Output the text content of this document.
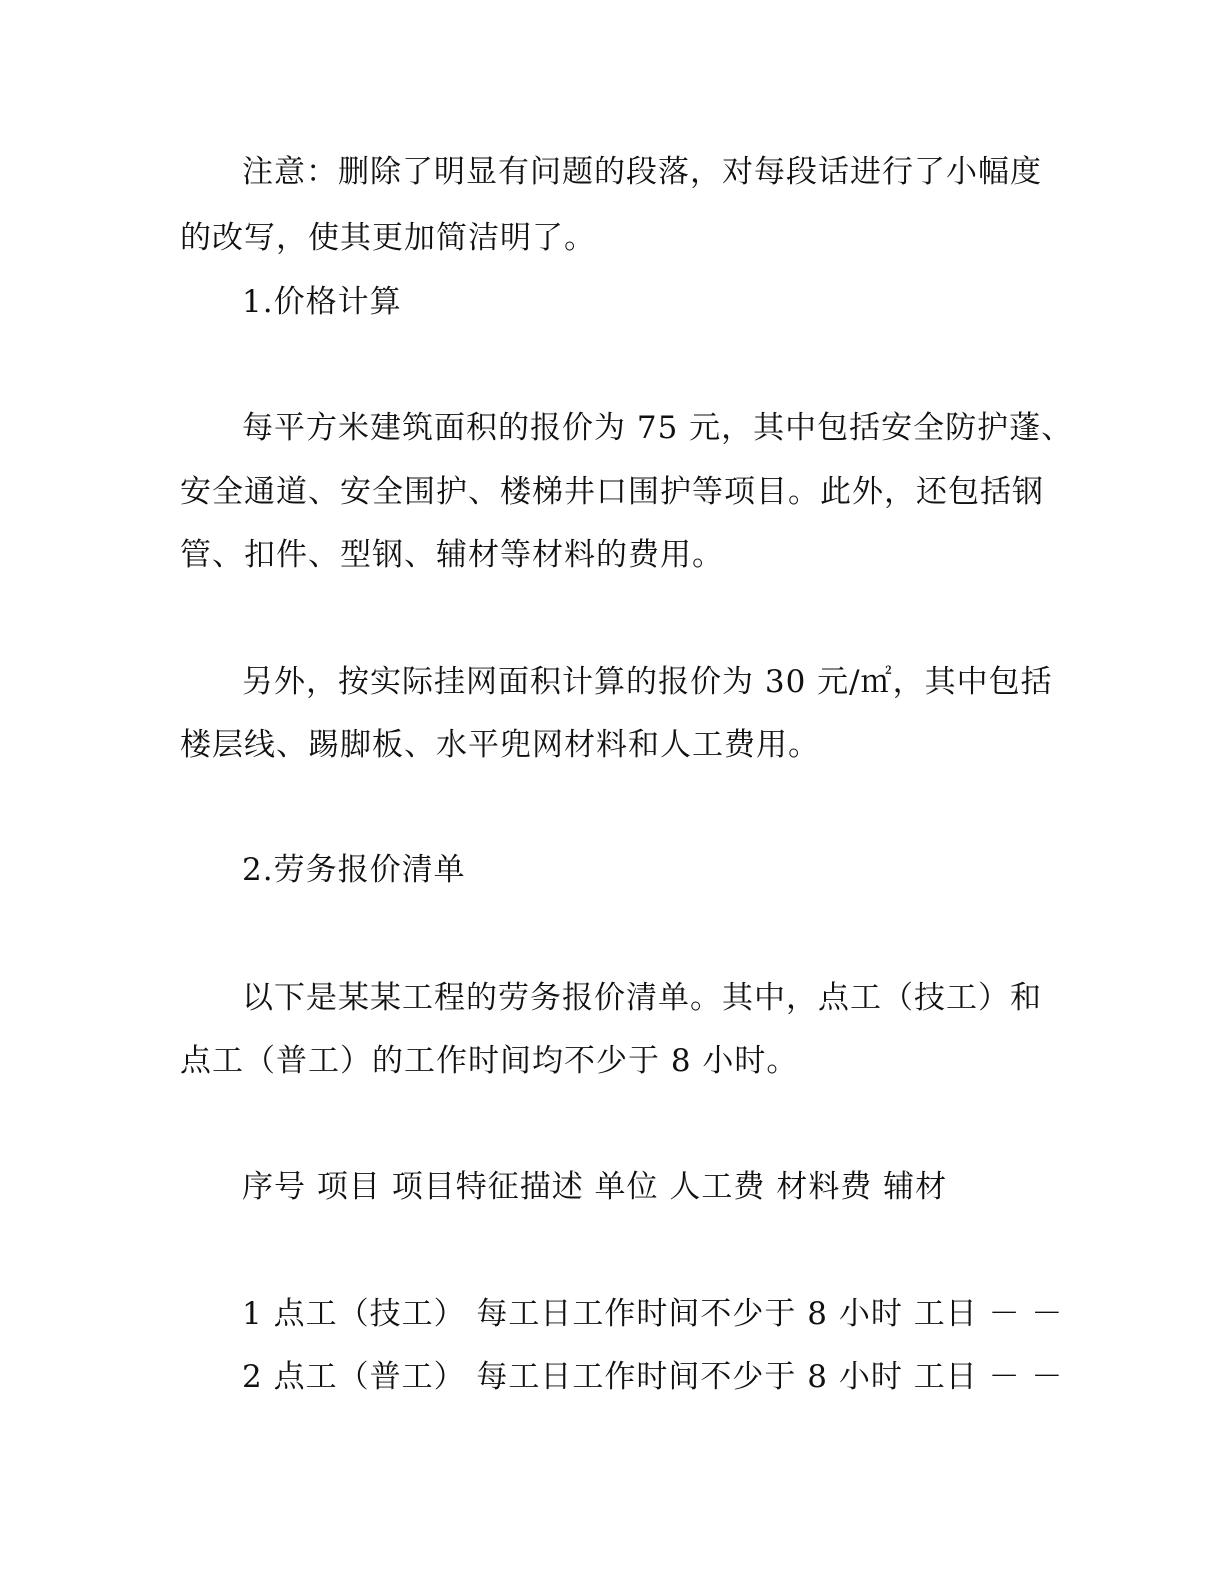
注意：删除了明显有问题的段落，对每段话进行了小幅度
的改写，使其更加简洁明了。
1.价格计算
每平方米建筑面积的报价为 75 元，其中包括安全防护蓬、
安全通道、安全围护、楼梯井口围护等项目。此外，还包括钢
管、扣件、型钢、辅材等材料的费用。
另外，按实际挂网面积计算的报价为 30 元/㎡，其中包括
楼层线、踢脚板、水平兜网材料和人工费用。
2.劳务报价清单
以下是某某工程的劳务报价清单。其中，点工（技工）和
点工（普工）的工作时间均不少于 8 小时。
序号 项目 项目特征描述 单位 人工费 材料费 辅材
1 点工（技工） 每工日工作时间不少于 8 小时 工日 － －
2 点工（普工） 每工日工作时间不少于 8 小时 工日 － －
